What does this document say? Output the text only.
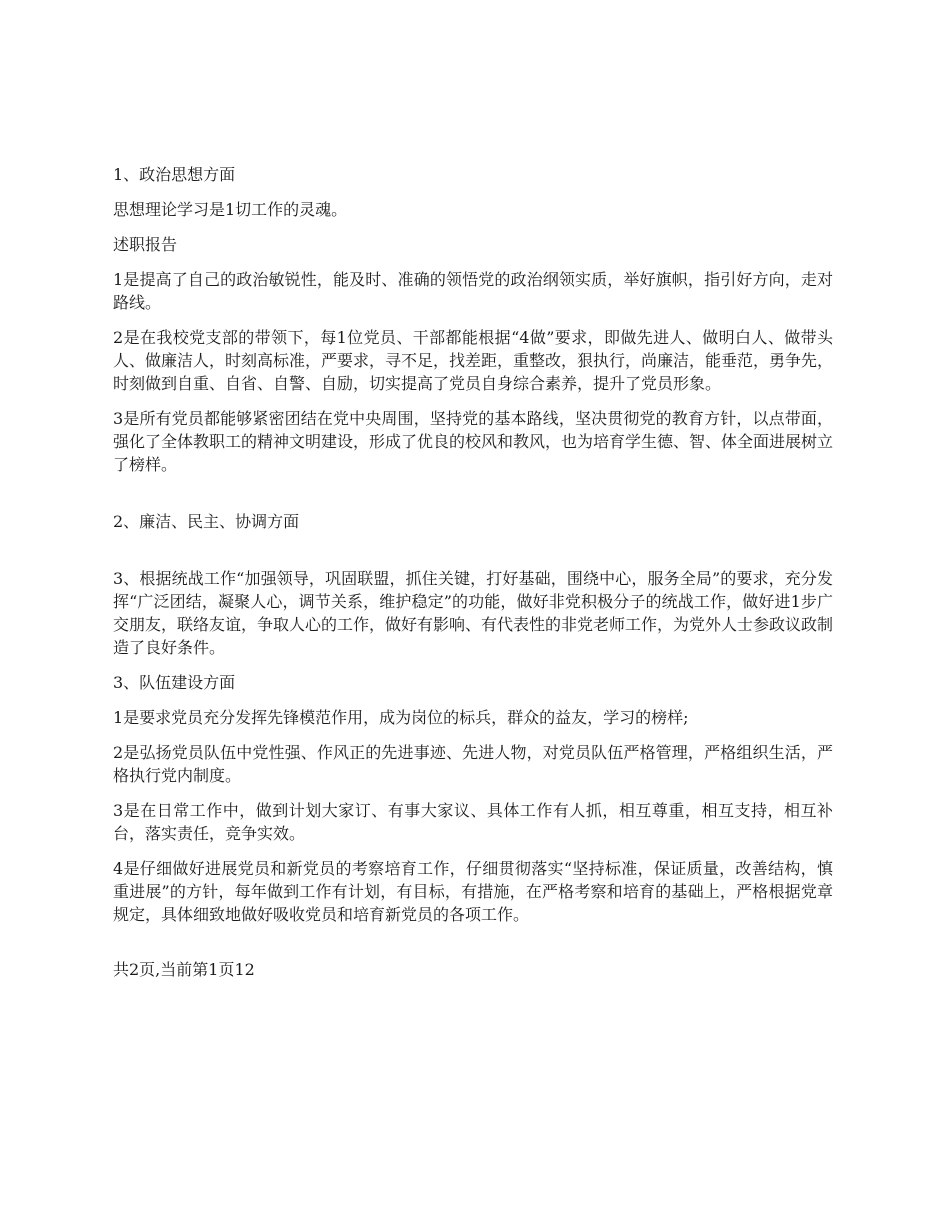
1、政治思想方面

思想理论学习是1切工作的灵魂。

述职报告

1是提高了自己的政治敏锐性，能及时、准确的领悟党的政治纲领实质，举好旗帜，指引好方向，走对路线。

2是在我校党支部的带领下，每1位党员、干部都能根据“4做”要求，即做先进人、做明白人、做带头人、做廉洁人，时刻高标准，严要求，寻不足，找差距，重整改，狠执行，尚廉洁，能垂范，勇争先，时刻做到自重、自省、自警、自励，切实提高了党员自身综合素养，提升了党员形象。

3是所有党员都能够紧密团结在党中央周围，坚持党的基本路线，坚决贯彻党的教育方针，以点带面，强化了全体教职工的精神文明建设，形成了优良的校风和教风，也为培育学生德、智、体全面进展树立了榜样。

2、廉洁、民主、协调方面

3、根据统战工作“加强领导，巩固联盟，抓住关键，打好基础，围绕中心，服务全局”的要求，充分发挥“广泛团结，凝聚人心，调节关系，维护稳定”的功能，做好非党积极分子的统战工作，做好进1步广交朋友，联络友谊，争取人心的工作，做好有影响、有代表性的非党老师工作，为党外人士参政议政制造了良好条件。

3、队伍建设方面

1是要求党员充分发挥先锋模范作用，成为岗位的标兵，群众的益友，学习的榜样;

2是弘扬党员队伍中党性强、作风正的先进事迹、先进人物，对党员队伍严格管理，严格组织生活，严格执行党内制度。

3是在日常工作中，做到计划大家订、有事大家议、具体工作有人抓，相互尊重，相互支持，相互补台，落实责任，竞争实效。

4是仔细做好进展党员和新党员的考察培育工作，仔细贯彻落实“坚持标准，保证质量，改善结构，慎重进展”的方针，每年做到工作有计划，有目标，有措施，在严格考察和培育的基础上，严格根据党章规定，具体细致地做好吸收党员和培育新党员的各项工作。

共2页,当前第1页12
